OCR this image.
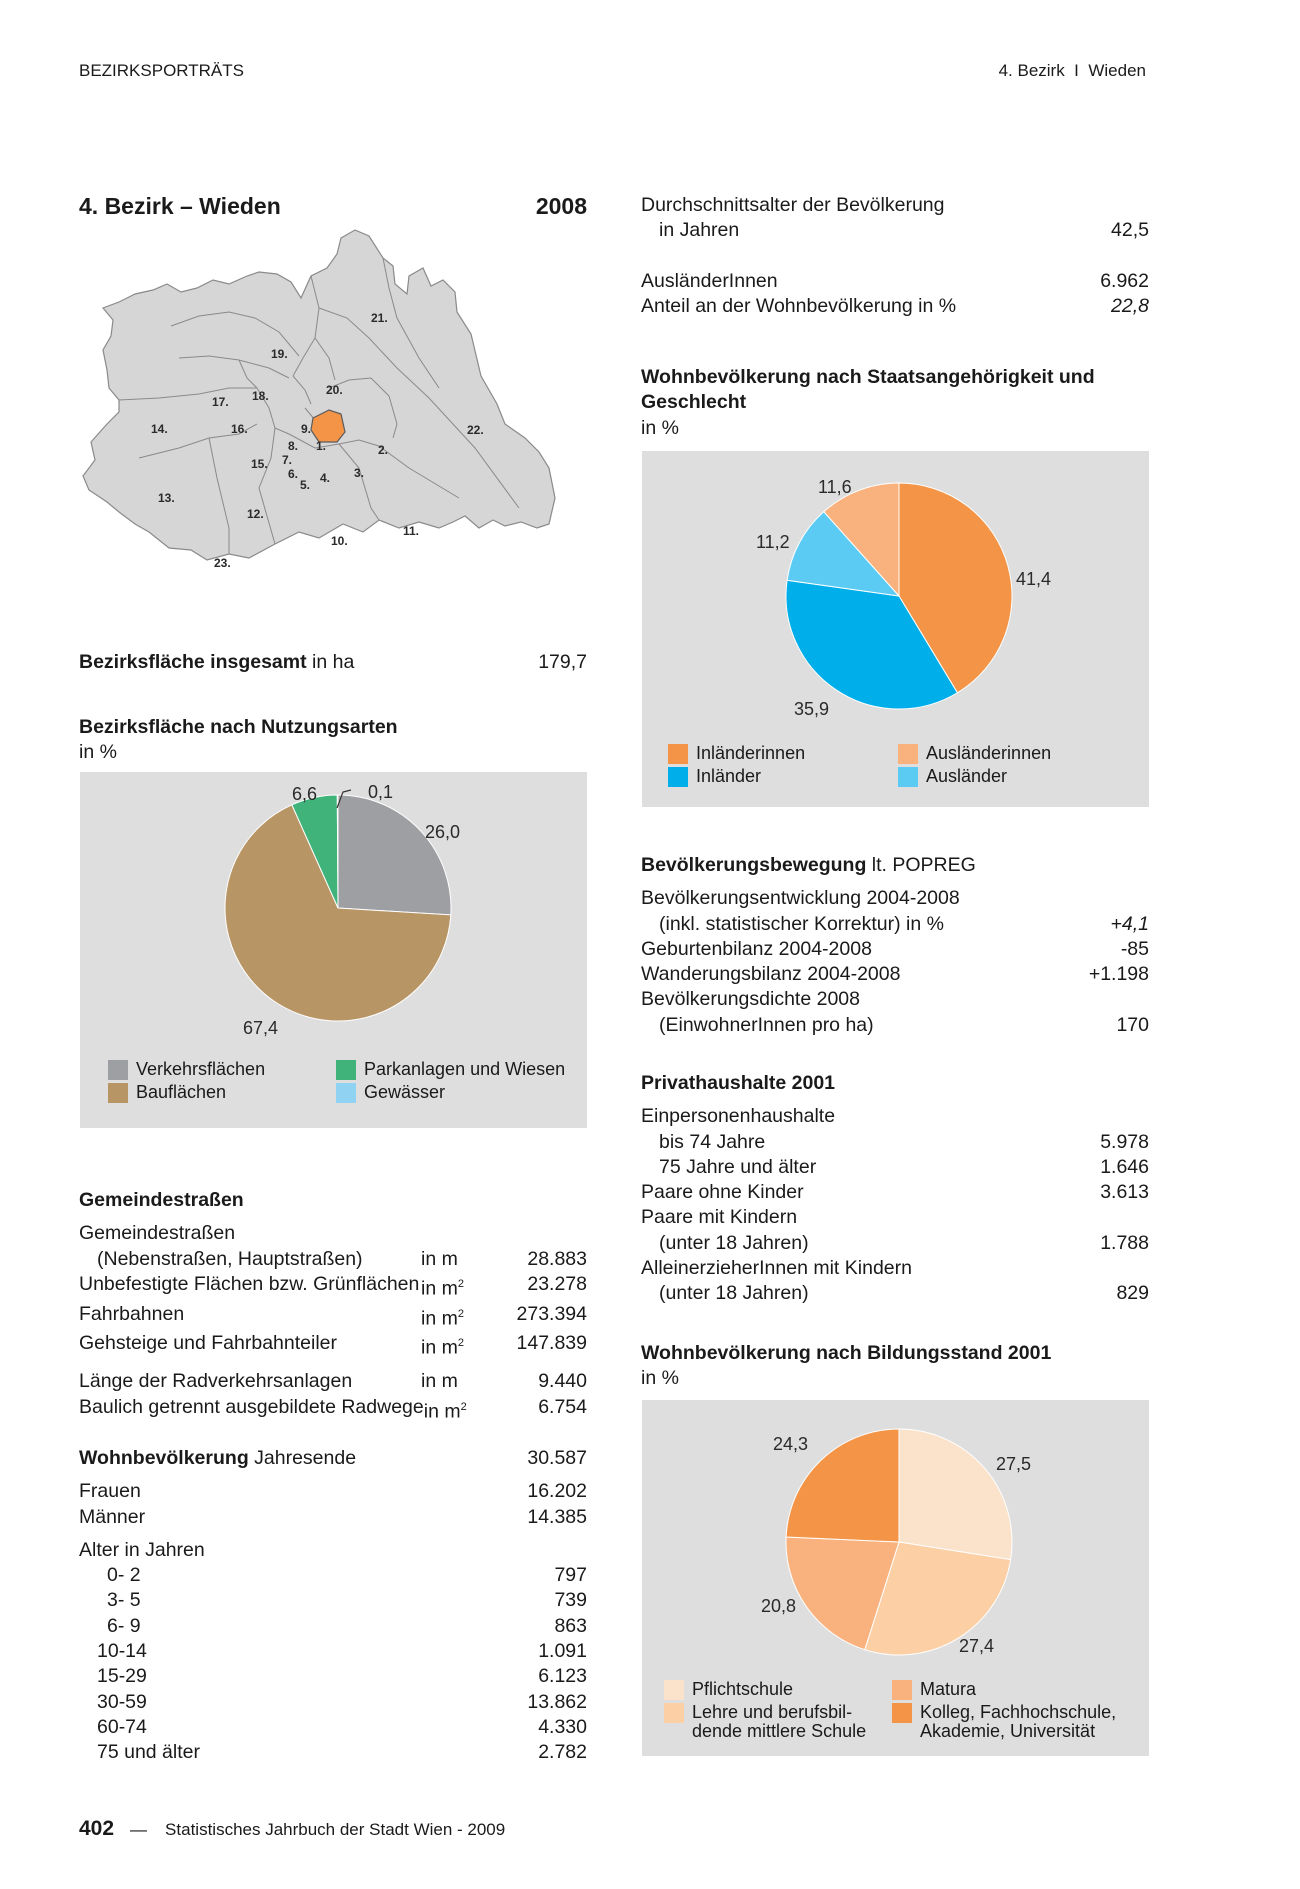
BEZIRKSPORTRÄTS	4. Bezirk I Wieden
4. Bezirk – Wieden	2008
1.	2.
3.
4.
5.
6.
7.
8.
9.
10.
11.
12.
13.
14.
15.
16.
17. 18.
19.
20.
21.
22.
23.
Bezirksfläche insgesamt in ha	179,7
Bezirksfläche nach Nutzungsarten
in %
0,1
6,6
26,0
67,4
Verkehrsflächen	Parkanlagen und Wiesen
Bauflächen	Gewässer
Gemeindestraßen
Gemeindestraßen
(Nebenstraßen, Hauptstraßen)	in m	28.883
Unbefestigte Flächen bzw. Grünflächen in $m^2$	23.278
Fahrbahnen	in $m^2$	273.394
Gehsteige und Fahrbahnteiler	in $m^2$	147.839
Länge der Radverkehrsanlagen	in m	9.440
Baulich getrennt ausgebildete Radwege in $m^2$	6.754
Wohnbevölkerung Jahresende	30.587
Frauen	16.202
Männer	14.385
Alter in Jahren
0- 2	797
3- 5	739
6- 9	863
10-14	1.091
15-29	6.123
30-59	13.862
60-74	4.330
75 und älter	2.782
Durchschnittsalter der Bevölkerung
in Jahren	42,5
AusländerInnen	6.962
Anteil an der Wohnbevölkerung in %	22,8
Wohnbevölkerung nach Staatsangehörigkeit und Geschlecht
in %
11,6
11,2
41,4
35,9
Inländerinnen	Ausländerinnen
Inländer	Ausländer
Bevölkerungsbewegung lt. POPREG
Bevölkerungsentwicklung 2004-2008
(inkl. statistischer Korrektur) in %	+4,1
Geburtenbilanz 2004-2008	-85
Wanderungsbilanz 2004-2008	+1.198
Bevölkerungsdichte 2008
(EinwohnerInnen pro ha)	170
Privathaushalte 2001
Einpersonenhaushalte
bis 74 Jahre	5.978
75 Jahre und älter	1.646
Paare ohne Kinder	3.613
Paare mit Kindern
(unter 18 Jahren)	1.788
AlleinerzieherInnen mit Kindern
(unter 18 Jahren)	829
Wohnbevölkerung nach Bildungsstand 2001
in %
24,3
27,5
20,8
27,4
Pflichtschule	Matura
Lehre und berufsbil-
dende mittlere Schule
Kolleg, Fachhochschule,
Akademie, Universität
402 — Statistisches Jahrbuch der Stadt Wien - 2009
